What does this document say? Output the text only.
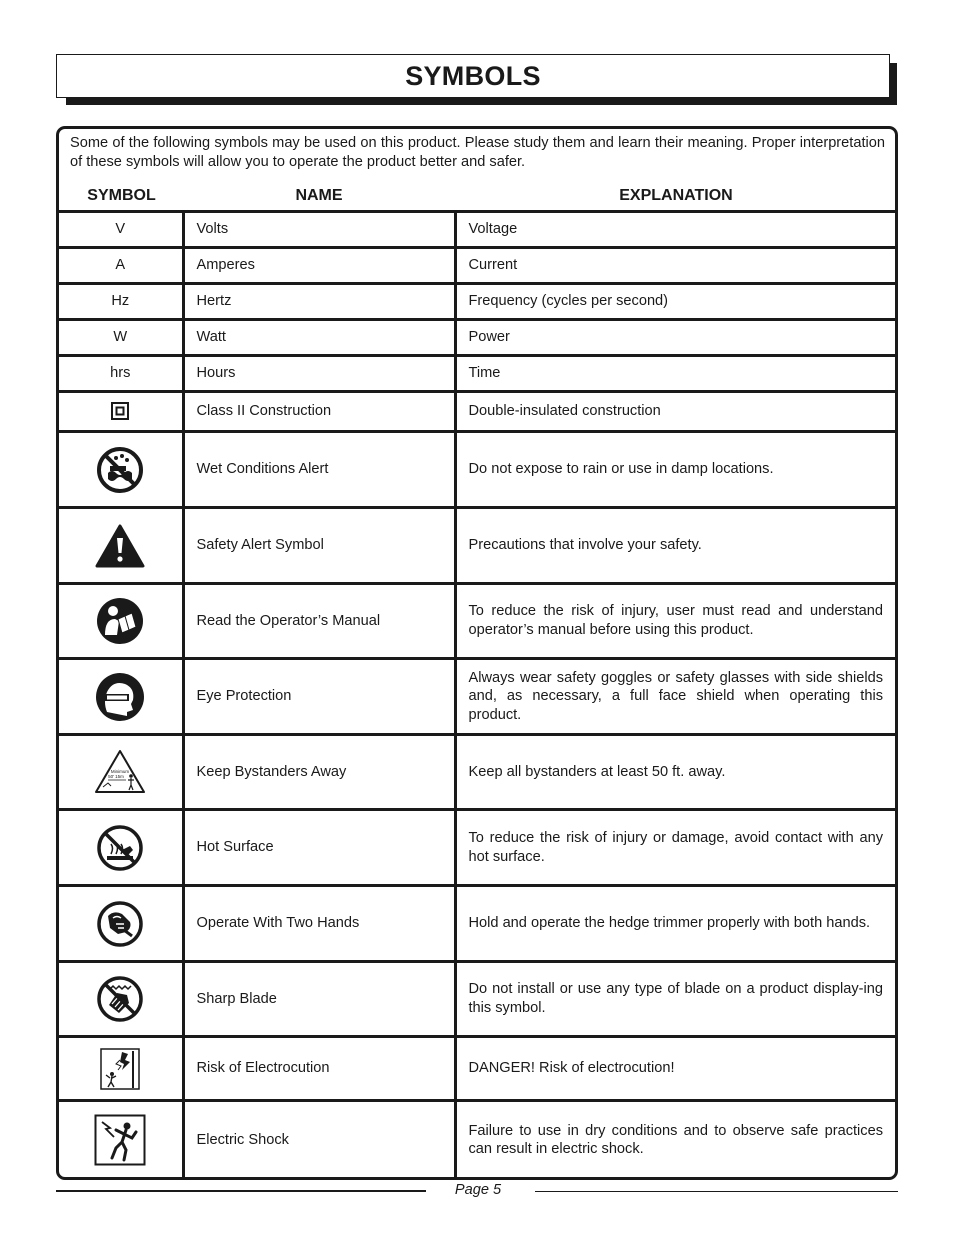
SYMBOLS

Some of the following symbols may be used on this product. Please study them and learn their meaning. Proper interpretation of these symbols will allow you to operate the product better and safer.

SYMBOL	NAME	EXPLANATION
V	Volts	Voltage
A	Amperes	Current
Hz	Hertz	Frequency (cycles per second)
W	Watt	Power
hrs	Hours	Time
	Class II Construction	Double-insulated construction
	Wet Conditions Alert	Do not expose to rain or use in damp locations.
	Safety Alert Symbol	Precautions that involve your safety.
	Read the Operator’s Manual	To reduce the risk of injury, user must read and understand operator’s manual before using this product.
	Eye Protection	Always wear safety goggles or safety glasses with side shields and, as necessary, a full face shield when operating this product.

Minimum
50' 15m	Keep Bystanders Away	Keep all bystanders at least 50 ft. away.
	Hot Surface	To reduce the risk of injury or damage, avoid contact with any hot surface.
	Operate With Two Hands	Hold and operate the hedge trimmer properly with both hands.
	Sharp Blade	Do not install or use any type of blade on a product display-ing this symbol.
	Risk of Electrocution	DANGER! Risk of electrocution!
	Electric Shock	Failure to use in dry conditions and to observe safe practices can result in electric shock.
Page 5
